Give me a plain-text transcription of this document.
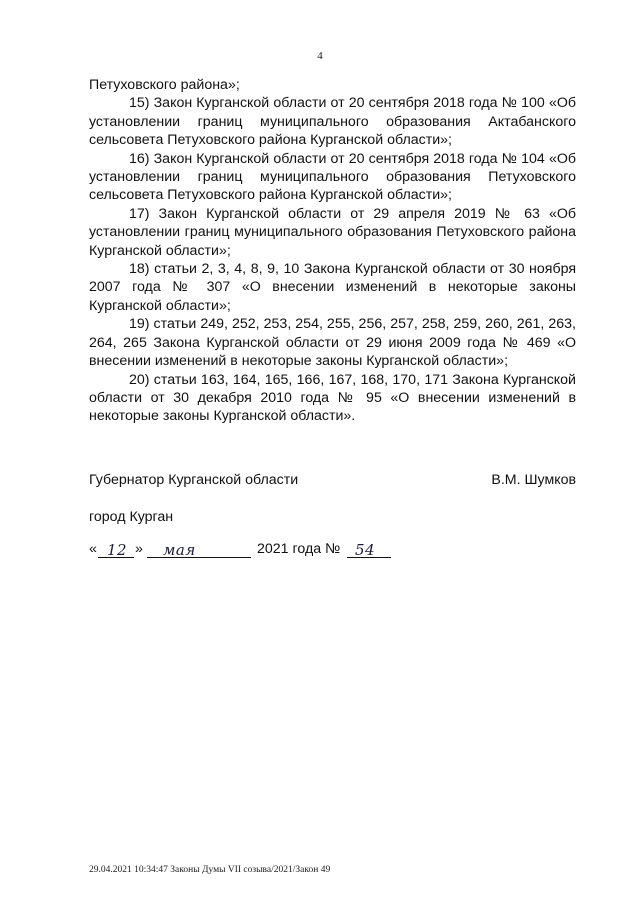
4

Петуховского района»;

15) Закон Курганской области от 20 сентября 2018 года № 100 «Об установлении границ муниципального образования Актабанского сельсовета Петуховского района Курганской области»;

16) Закон Курганской области от 20 сентября 2018 года № 104 «Об установлении границ муниципального образования Петуховского сельсовета Петуховского района Курганской области»;

17) Закон Курганской области от 29 апреля 2019 № 63 «Об установлении границ муниципального образования Петуховского района Курганской области»;

18) статьи 2, 3, 4, 8, 9, 10 Закона Курганской области от 30 ноября 2007 года № 307 «О внесении изменений в некоторые законы Курганской области»;

19) статьи 249, 252, 253, 254, 255, 256, 257, 258, 259, 260, 261, 263, 264, 265 Закона Курганской области от 29 июня 2009 года № 469 «О внесении изменений в некоторые законы Курганской области»;

20) статьи 163, 164, 165, 166, 167, 168, 170, 171 Закона Курганской области от 30 декабря 2010 года № 95 «О внесении изменений в некоторые законы Курганской области».

Губернатор Курганской области	В.М. Шумков
город Курган
« 12 » мая	2021 года № 54
29.04.2021 10:34:47 Законы Думы VII созыва/2021/Закон 49
